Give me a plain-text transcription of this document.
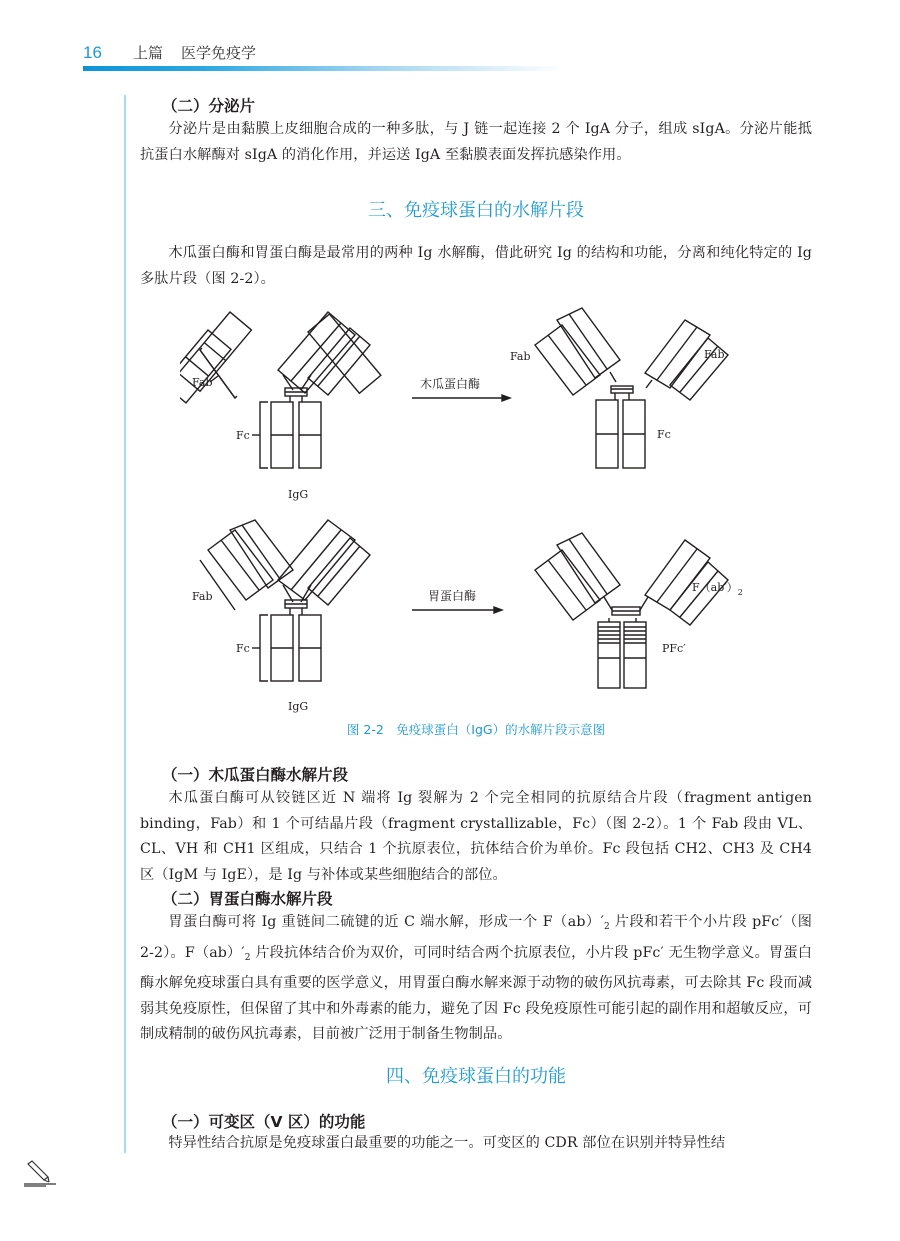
16 上篇 医学免疫学
（二）分泌片
分泌片是由黏膜上皮细胞合成的一种多肽，与 J 链一起连接 2 个 IgA 分子，组成 sIgA。分泌片能抵抗蛋白水解酶对 sIgA 的消化作用，并运送 IgA 至黏膜表面发挥抗感染作用。
三、免疫球蛋白的水解片段
木瓜蛋白酶和胃蛋白酶是最常用的两种 Ig 水解酶，借此研究 Ig 的结构和功能，分离和纯化特定的 Ig 多肽片段（图 2-2）。
Fab
Fc
IgG
木瓜蛋白酶
Fab	Fab
Fc
Fab
Fc
IgG
胃蛋白酶
$F(ab')_2$
PFc′
图 2-2　免疫球蛋白（IgG）的水解片段示意图
（一）木瓜蛋白酶水解片段
木瓜蛋白酶可从铰链区近 N 端将 Ig 裂解为 2 个完全相同的抗原结合片段（fragment antigen binding，Fab）和 1 个可结晶片段（fragment crystallizable，Fc）（图 2-2）。1 个 Fab 段由 VL、CL、VH 和 CH1 区组成，只结合 1 个抗原表位，抗体结合价为单价。Fc 段包括 CH2、CH3 及 CH4 区（IgM 与 IgE），是 Ig 与补体或某些细胞结合的部位。
（二）胃蛋白酶水解片段
胃蛋白酶可将 Ig 重链间二硫键的近 C 端水解，形成一个 $F(ab)'_2$ 片段和若干个小片段 pFc′（图 2-2）。$F(ab)'_2$ 片段抗体结合价为双价，可同时结合两个抗原表位，小片段 pFc′ 无生物学意义。胃蛋白酶水解免疫球蛋白具有重要的医学意义，用胃蛋白酶水解来源于动物的破伤风抗毒素，可去除其 Fc 段而减弱其免疫原性，但保留了其中和外毒素的能力，避免了因 Fc 段免疫原性可能引起的副作用和超敏反应，可制成精制的破伤风抗毒素，目前被广泛用于制备生物制品。
四、免疫球蛋白的功能
（一）可变区（V 区）的功能
特异性结合抗原是免疫球蛋白最重要的功能之一。可变区的 CDR 部位在识别并特异性结
